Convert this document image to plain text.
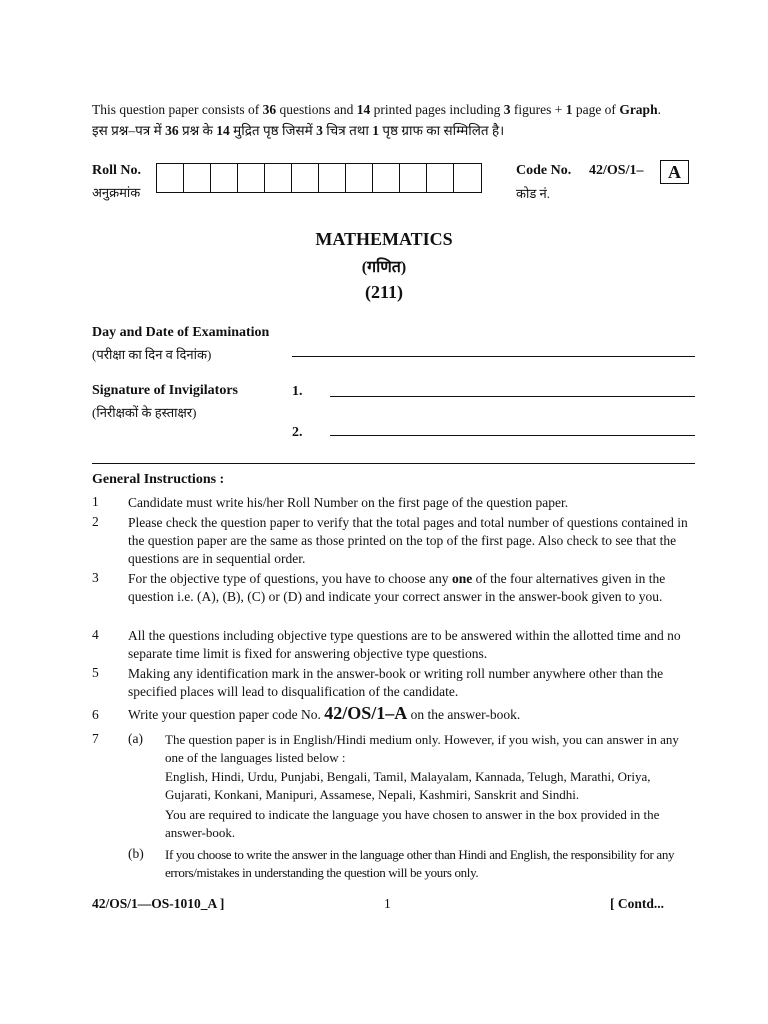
This question paper consists of 36 questions and 14 printed pages including 3 figures + 1 page of Graph.
इस प्रश्न–पत्र में 36 प्रश्न के 14 मुद्रित पृष्ठ जिसमें 3 चित्र तथा 1 पृष्ठ ग्राफ का सम्मिलित है।
Roll No.
अनुक्रमांक
Code No. 42/OS/1–	A
कोड नं.
MATHEMATICS
(गणित)
(211)
Day and Date of Examination
(परीक्षा का दिन व दिनांक)
Signature of Invigilators
(निरीक्षकों के हस्ताक्षर)
1.
2.
General Instructions :
1 Candidate must write his/her Roll Number on the first page of the question paper.
2 Please check the question paper to verify that the total pages and total number of questions contained in the question paper are the same as those printed on the top of the first page. Also check to see that the questions are in sequential order.
3 For the objective type of questions, you have to choose any one of the four alternatives given in the question i.e. (A), (B), (C) or (D) and indicate your correct answer in the answer-book given to you.
4 All the questions including objective type questions are to be answered within the allotted time and no separate time limit is fixed for answering objective type questions.
5 Making any identification mark in the answer-book or writing roll number anywhere other than the specified places will lead to disqualification of the candidate.
6 Write your question paper code No. 42/OS/1–A on the answer-book.
7 (a) The question paper is in English/Hindi medium only. However, if you wish, you can answer in any one of the languages listed below :
English, Hindi, Urdu, Punjabi, Bengali, Tamil, Malayalam, Kannada, Telugh, Marathi, Oriya, Gujarati, Konkani, Manipuri, Assamese, Nepali, Kashmiri, Sanskrit and Sindhi.
You are required to indicate the language you have chosen to answer in the box provided in the answer-book.
(b) If you choose to write the answer in the language other than Hindi and English, the responsibility for any errors/mistakes in understanding the question will be yours only.
42/OS/1—OS-1010_A ]	1	[ Contd...
